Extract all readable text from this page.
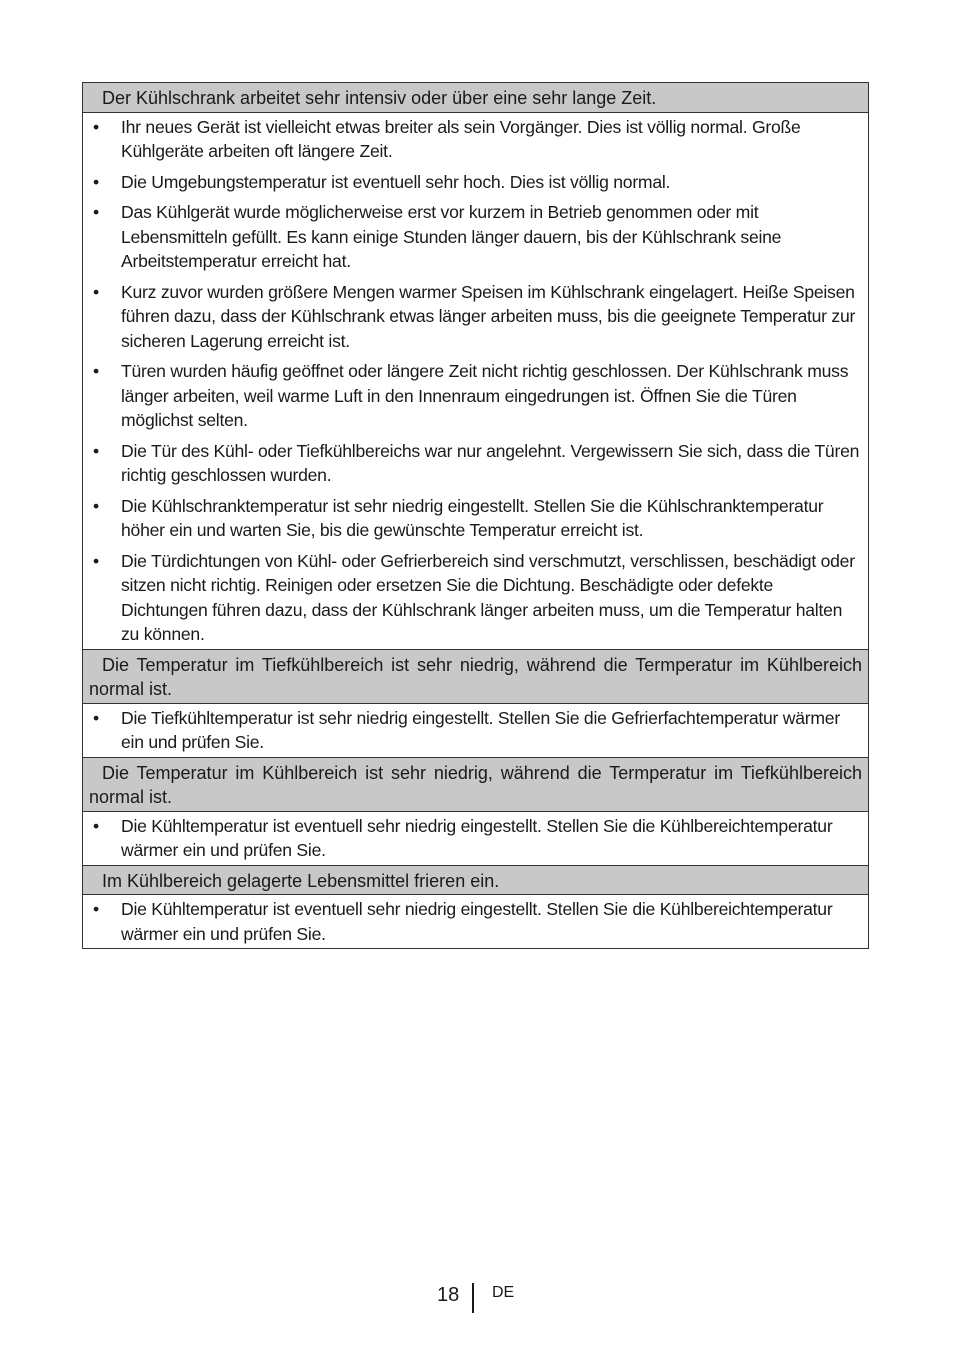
Der Kühlschrank arbeitet sehr intensiv oder über eine sehr lange Zeit.
• Ihr neues Gerät ist vielleicht etwas breiter als sein Vorgänger. Dies ist völlig normal. Große Kühlgeräte arbeiten oft längere Zeit.
• Die Umgebungstemperatur ist eventuell sehr hoch. Dies ist völlig normal.
• Das Kühlgerät wurde möglicherweise erst vor kurzem in Betrieb genommen oder mit Lebensmitteln gefüllt. Es kann einige Stunden länger dauern, bis der Kühlschrank seine Arbeitstemperatur erreicht hat.
• Kurz zuvor wurden größere Mengen warmer Speisen im Kühlschrank eingelagert. Heiße Speisen führen dazu, dass der Kühlschrank etwas länger arbeiten muss, bis die geeignete Temperatur zur sicheren Lagerung erreicht ist.
• Türen wurden häufig geöffnet oder längere Zeit nicht richtig geschlossen. Der Kühlschrank muss länger arbeiten, weil warme Luft in den Innenraum eingedrungen ist. Öffnen Sie die Türen möglichst selten.
• Die Tür des Kühl- oder Tiefkühlbereichs war nur angelehnt. Vergewissern Sie sich, dass die Türen richtig geschlossen wurden.
• Die Kühlschranktemperatur ist sehr niedrig eingestellt. Stellen Sie die Kühlschranktemperatur höher ein und warten Sie, bis die gewünschte Temperatur erreicht ist.
• Die Türdichtungen von Kühl- oder Gefrierbereich sind verschmutzt, verschlissen, beschädigt oder sitzen nicht richtig. Reinigen oder ersetzen Sie die Dichtung. Beschädigte oder defekte Dichtungen führen dazu, dass der Kühlschrank länger arbeiten muss, um die Temperatur halten zu können.
Die Temperatur im Tiefkühlbereich ist sehr niedrig, während die Termperatur im Kühlbereich normal ist.
• Die Tiefkühltemperatur ist sehr niedrig eingestellt. Stellen Sie die Gefrierfachtemperatur wärmer ein und prüfen Sie.
Die Temperatur im Kühlbereich ist sehr niedrig, während die Termperatur im Tiefkühlbereich normal ist.
• Die Kühltemperatur ist eventuell sehr niedrig eingestellt. Stellen Sie die Kühlbereichtemperatur wärmer ein und prüfen Sie.
Im Kühlbereich gelagerte Lebensmittel frieren ein.
• Die Kühltemperatur ist eventuell sehr niedrig eingestellt. Stellen Sie die Kühlbereichtemperatur wärmer ein und prüfen Sie.
18 DE
